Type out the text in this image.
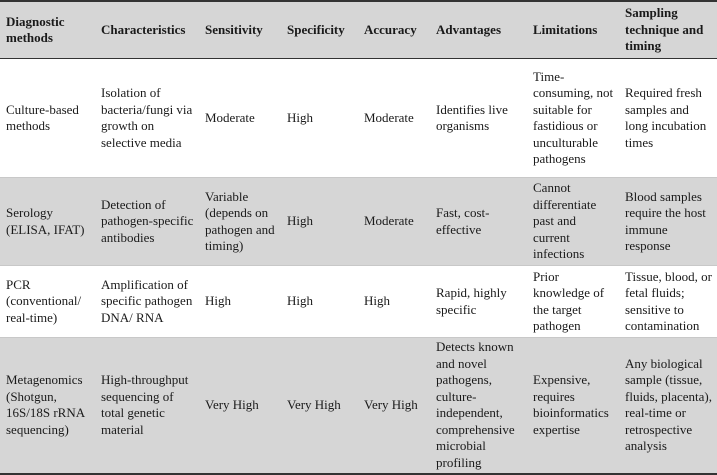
Diagnostic methods	Characteristics	Sensitivity	Specificity	Accuracy	Advantages	Limitations	Sampling technique and timing
Culture-based methods	Isolation of bacteria/fungi via growth on selective media	Moderate	High	Moderate	Identifies live organisms	Time-consuming, not suitable for fastidious or unculturable pathogens	Required fresh samples and long incubation times
Serology (ELISA, IFAT)	Detection of pathogen-specific antibodies	Variable (depends on pathogen and timing)	High	Moderate	Fast, cost-effective	Cannot differentiate past and current infections	Blood samples require the host immune response
PCR (conventional/ real-time)	Amplification of specific pathogen DNA/ RNA	High	High	High	Rapid, highly specific	Prior knowledge of the target pathogen	Tissue, blood, or fetal fluids; sensitive to contamination
Metagenomics (Shotgun, 16S/18S rRNA sequencing)	High-throughput sequencing of total genetic material	Very High	Very High	Very High	Detects known and novel pathogens, culture-independent, comprehensive microbial profiling	Expensive, requires bioinformatics expertise	Any biological sample (tissue, fluids, placenta), real-time or retrospective analysis
